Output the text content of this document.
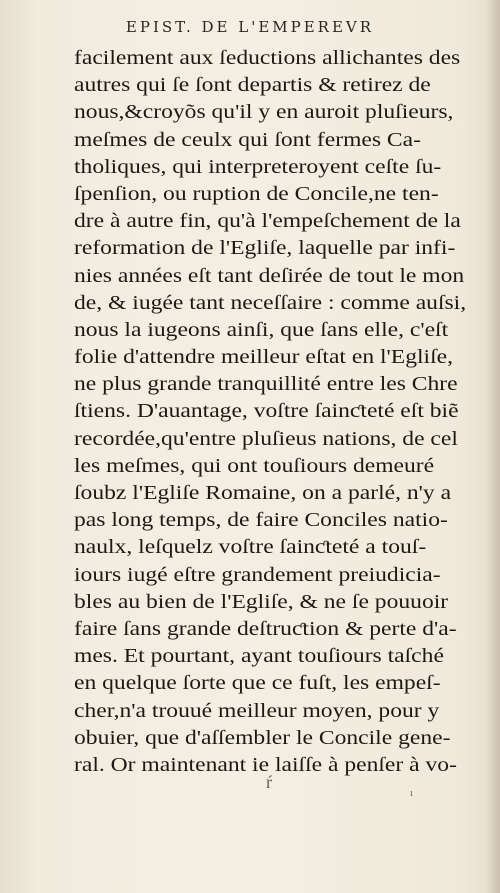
EPIST. DE L'EMPEREVR
facilement aux ſeductions allichantes des
autres qui ſe ſont departis & retirez de
nous,&croyõs qu'il y en auroit pluſieurs,
meſmes de ceulx qui ſont fermes Ca-
tholiques, qui interpreteroyent ceſte ſu-
ſpenſion, ou ruption de Concile,ne ten-
dre à autre fin, qu'à l'empeſchement de la
reformation de l'Egliſe, laquelle par infi-
nies années eſt tant deſirée de tout le mon
de, & iugée tant neceſſaire : comme auſsi,
nous la iugeons ainſi, que ſans elle, c'eſt
folie d'attendre meilleur eſtat en l'Egliſe,
ne plus grande tranquillité entre les Chre
ſtiens. D'auantage, voſtre ſainƈteté eſt biẽ
recordée,qu'entre pluſieus nations, de cel
les meſmes, qui ont touſiours demeuré
ſoubz l'Egliſe Romaine, on a parlé, n'y a
pas long temps, de faire Conciles natio-
naulx, leſquelz voſtre ſainƈteté a touſ-
iours iugé eſtre grandement preiudicia-
bles au bien de l'Egliſe, & ne ſe pouuoir
faire ſans grande deſtruƈtion & perte d'a-
mes. Et pourtant, ayant touſiours taſché
en quelque ſorte que ce fuſt, les empeſ-
cher,n'a trouué meilleur moyen, pour y
obuier, que d'aſſembler le Concile gene-
ral. Or maintenant ie laiſſe à penſer à vo-
ŕ
ı
